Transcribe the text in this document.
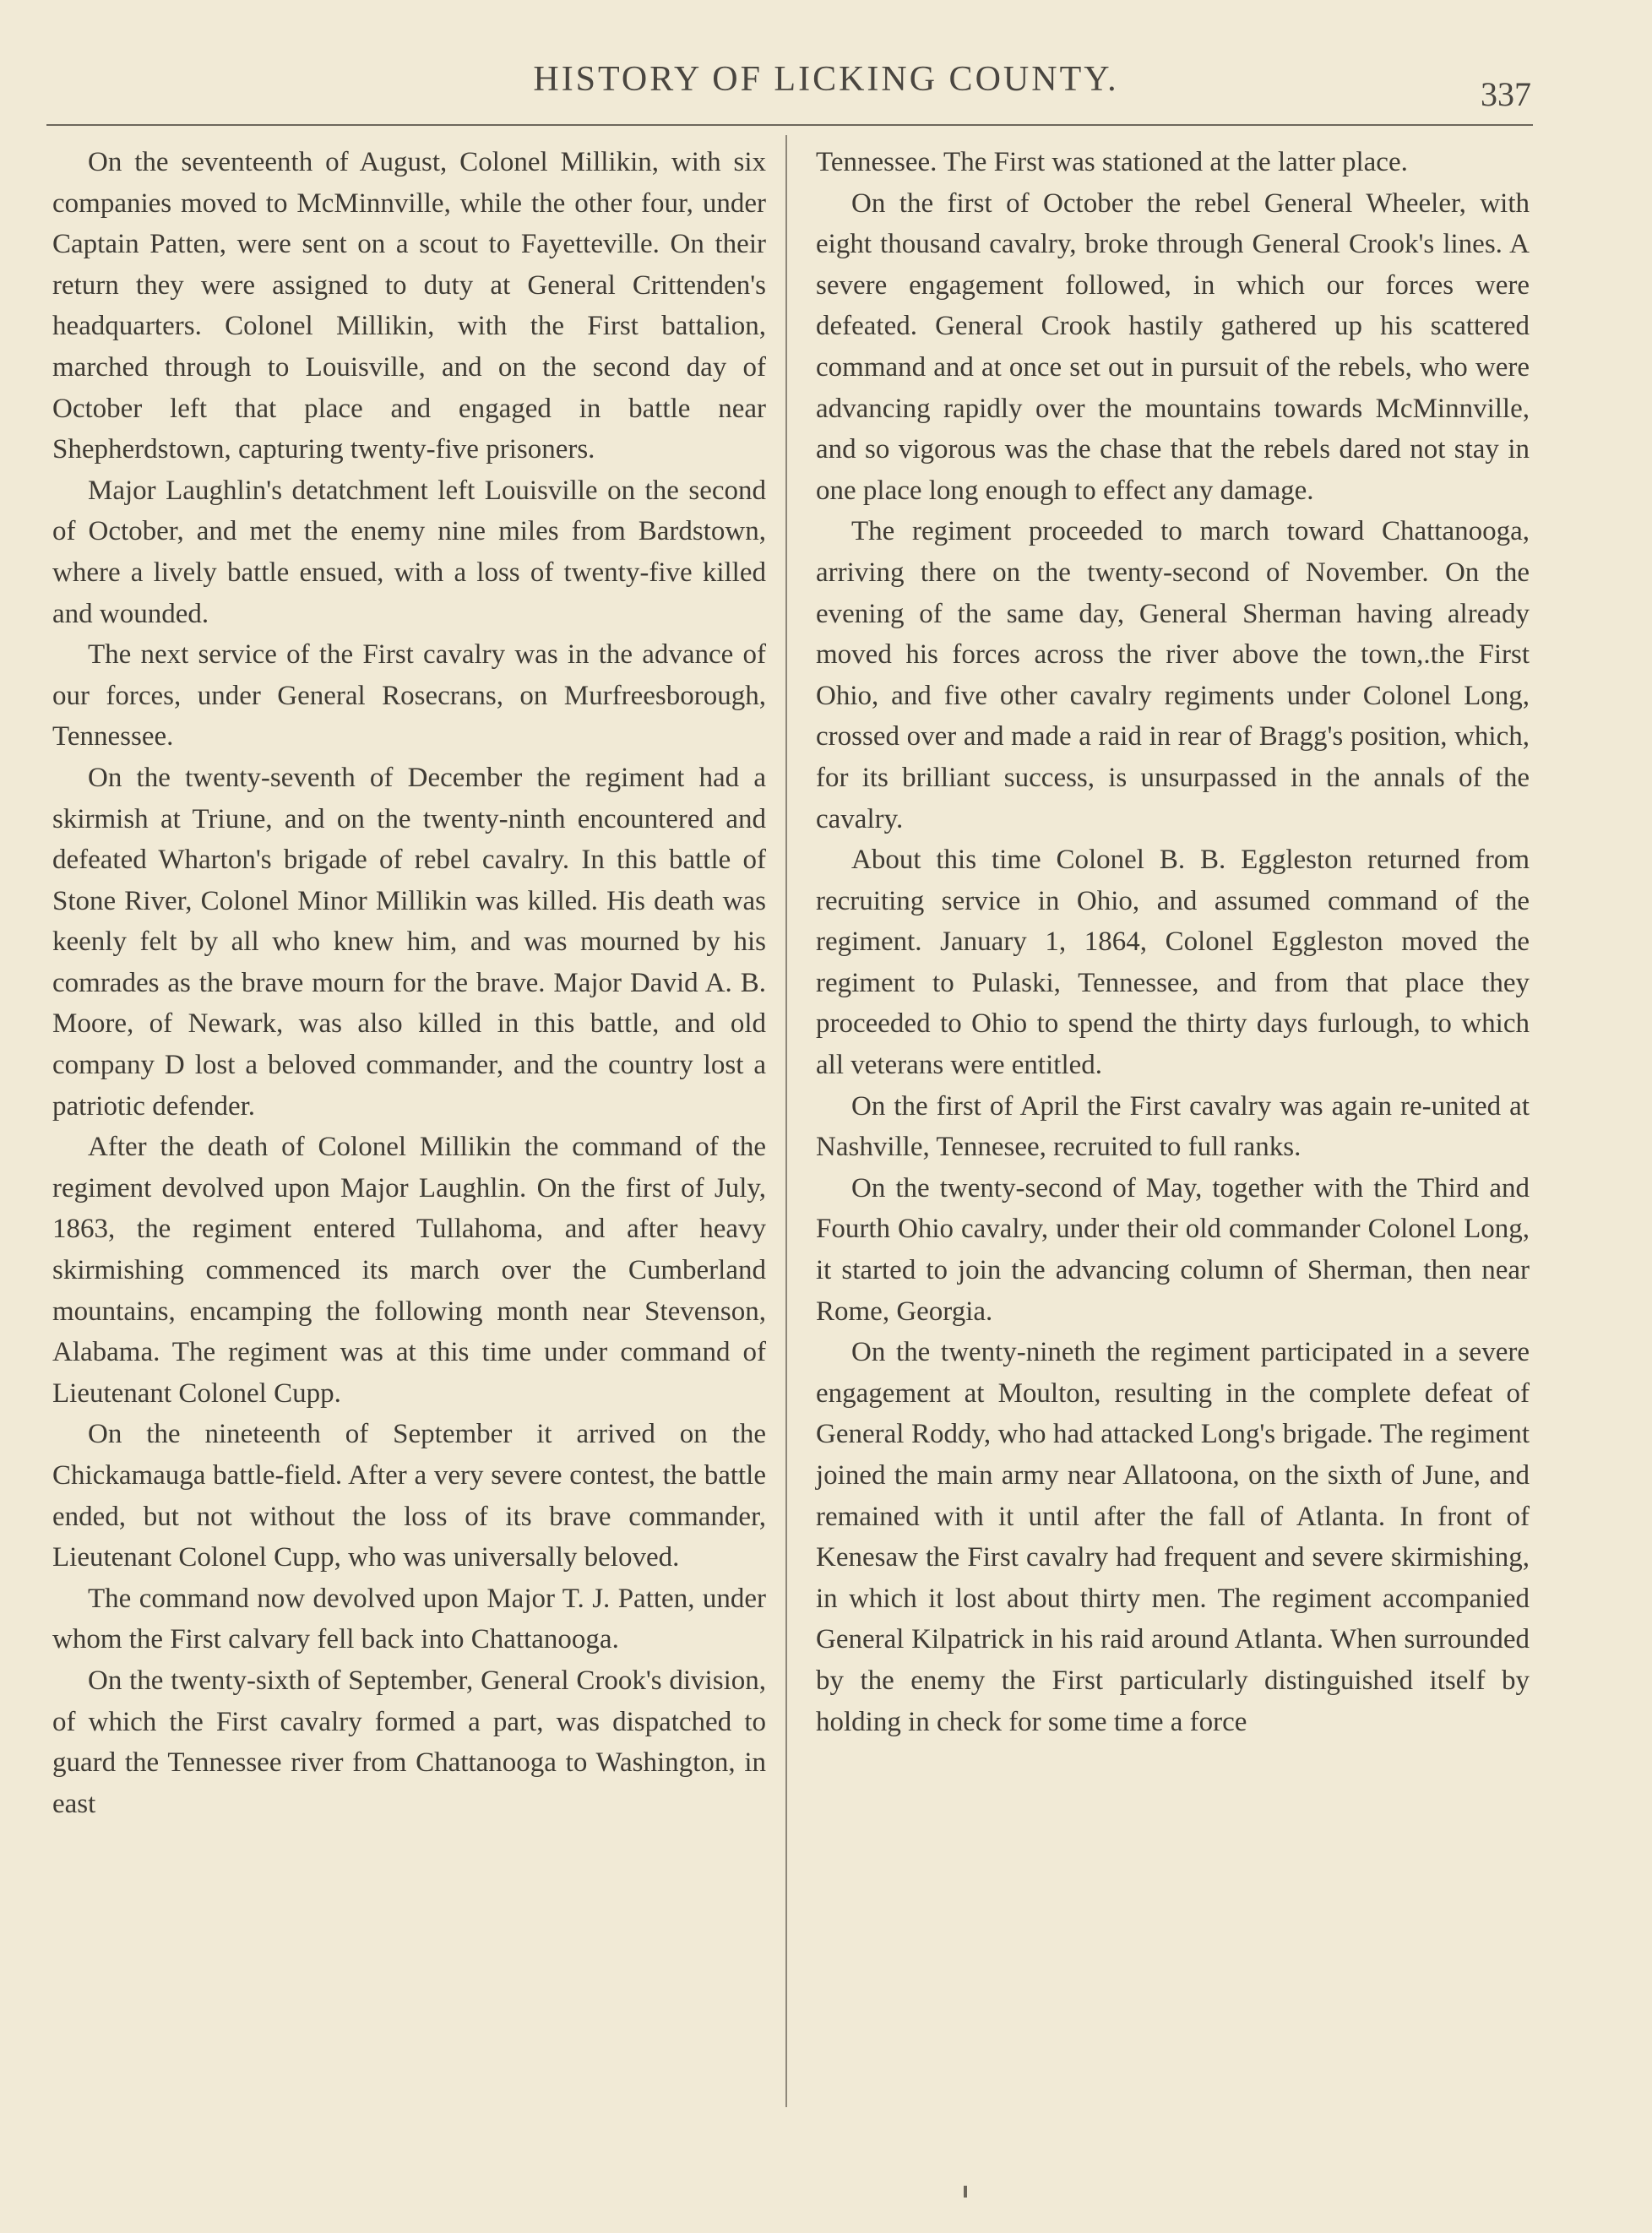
HISTORY OF LICKING COUNTY.	337

On the seventeenth of August, Colonel Millikin, with six companies moved to McMinnville, while the other four, under Captain Patten, were sent on a scout to Fayetteville. On their return they were assigned to duty at General Crittenden's headquarters. Colonel Millikin, with the First battalion, marched through to Louisville, and on the second day of October left that place and engaged in battle near Shepherdstown, capturing twenty-five prisoners.

Major Laughlin's detatchment left Louisville on the second of October, and met the enemy nine miles from Bardstown, where a lively battle ensued, with a loss of twenty-five killed and wounded.

The next service of the First cavalry was in the advance of our forces, under General Rosecrans, on Murfreesborough, Tennessee.

On the twenty-seventh of December the regiment had a skirmish at Triune, and on the twenty-ninth encountered and defeated Wharton's brigade of rebel cavalry. In this battle of Stone River, Colonel Minor Millikin was killed. His death was keenly felt by all who knew him, and was mourned by his comrades as the brave mourn for the brave. Major David A. B. Moore, of Newark, was also killed in this battle, and old company D lost a beloved commander, and the country lost a patriotic defender.

After the death of Colonel Millikin the command of the regiment devolved upon Major Laughlin. On the first of July, 1863, the regiment entered Tullahoma, and after heavy skirmishing commenced its march over the Cumberland mountains, encamping the following month near Stevenson, Alabama. The regiment was at this time under command of Lieutenant Colonel Cupp.

On the nineteenth of September it arrived on the Chickamauga battle-field. After a very severe contest, the battle ended, but not without the loss of its brave commander, Lieutenant Colonel Cupp, who was universally beloved.

The command now devolved upon Major T. J. Patten, under whom the First calvary fell back into Chattanooga.

On the twenty-sixth of September, General Crook's division, of which the First cavalry formed a part, was dispatched to guard the Tennessee river from Chattanooga to Washington, in east

Tennessee. The First was stationed at the latter place.

On the first of October the rebel General Wheeler, with eight thousand cavalry, broke through General Crook's lines. A severe engagement followed, in which our forces were defeated. General Crook hastily gathered up his scattered command and at once set out in pursuit of the rebels, who were advancing rapidly over the mountains towards McMinnville, and so vigorous was the chase that the rebels dared not stay in one place long enough to effect any damage.

The regiment proceeded to march toward Chattanooga, arriving there on the twenty-second of November. On the evening of the same day, General Sherman having already moved his forces across the river above the town,.the First Ohio, and five other cavalry regiments under Colonel Long, crossed over and made a raid in rear of Bragg's position, which, for its brilliant success, is unsurpassed in the annals of the cavalry.

About this time Colonel B. B. Eggleston returned from recruiting service in Ohio, and assumed command of the regiment. January 1, 1864, Colonel Eggleston moved the regiment to Pulaski, Tennessee, and from that place they proceeded to Ohio to spend the thirty days furlough, to which all veterans were entitled.

On the first of April the First cavalry was again re-united at Nashville, Tennesee, recruited to full ranks.

On the twenty-second of May, together with the Third and Fourth Ohio cavalry, under their old commander Colonel Long, it started to join the advancing column of Sherman, then near Rome, Georgia.

On the twenty-nineth the regiment participated in a severe engagement at Moulton, resulting in the complete defeat of General Roddy, who had attacked Long's brigade. The regiment joined the main army near Allatoona, on the sixth of June, and remained with it until after the fall of Atlanta. In front of Kenesaw the First cavalry had frequent and severe skirmishing, in which it lost about thirty men. The regiment accompanied General Kilpatrick in his raid around Atlanta. When surrounded by the enemy the First particularly distinguished itself by holding in check for some time a force
